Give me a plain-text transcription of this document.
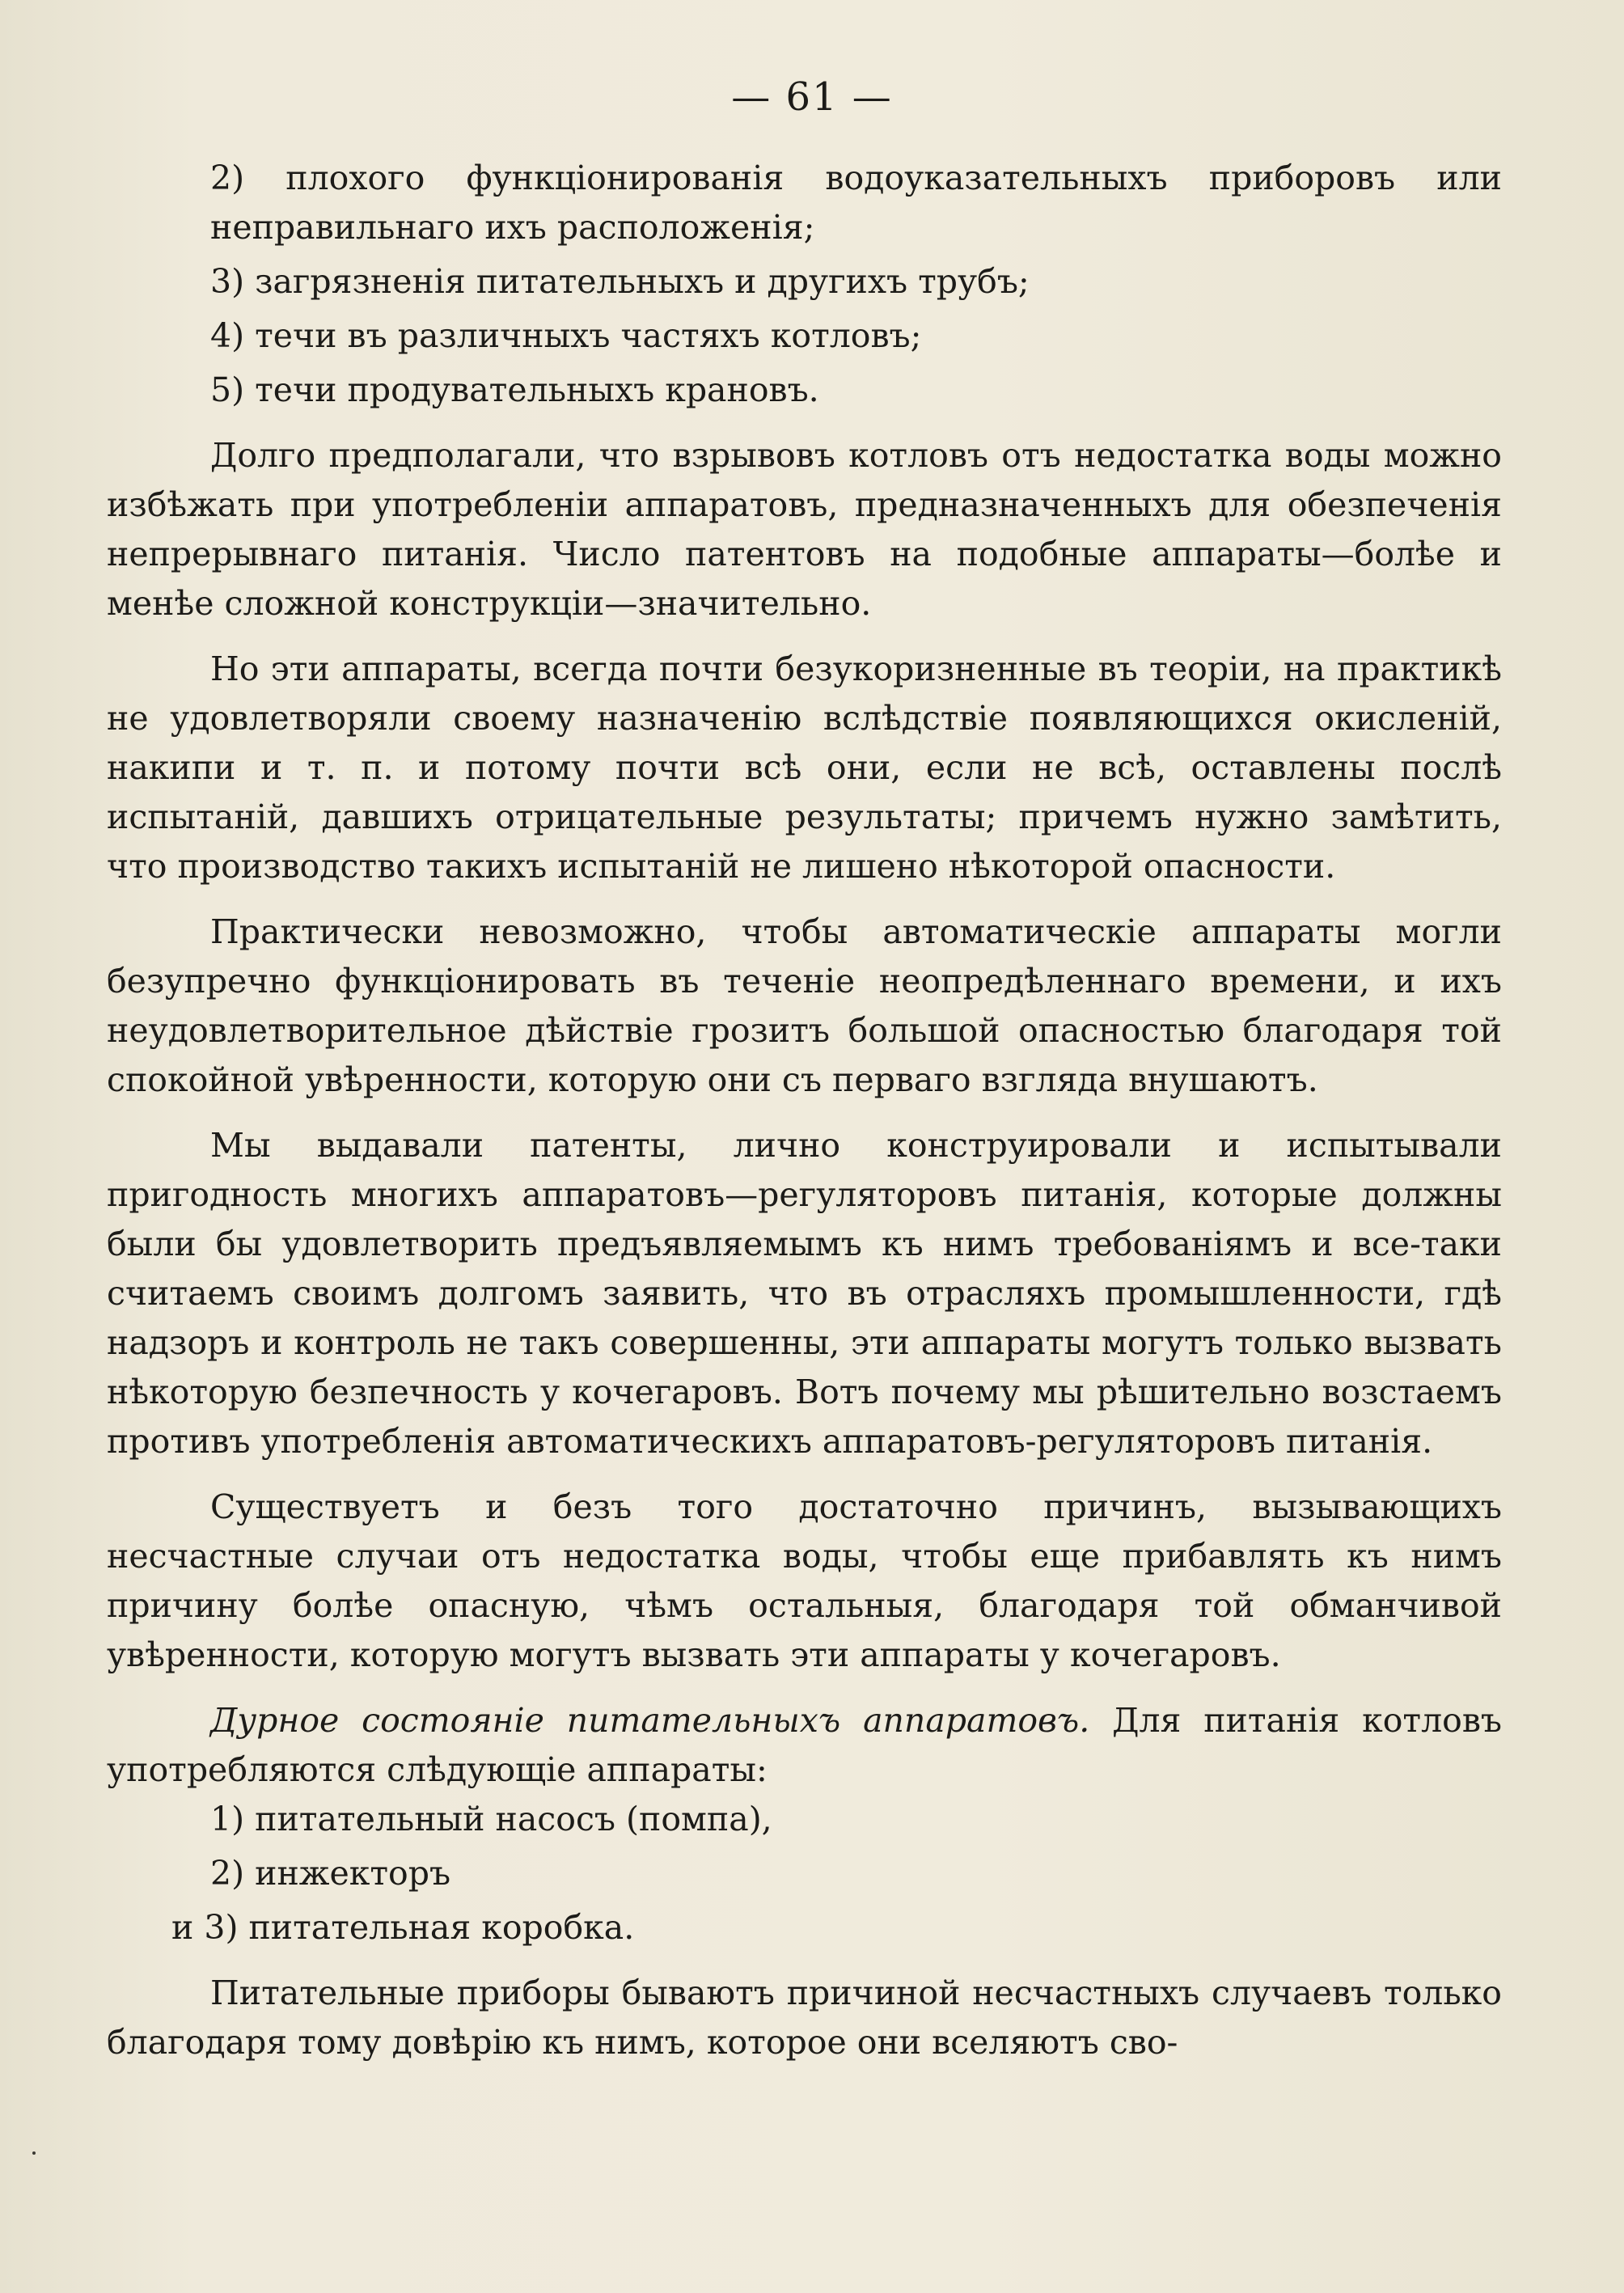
— 61 —

2) плохого функціонированія водоуказательныхъ приборовъ или неправильнаго ихъ расположенія;

3) загрязненія питательныхъ и другихъ трубъ;

4) течи въ различныхъ частяхъ котловъ;

5) течи продувательныхъ крановъ.

Долго предполагали, что взрывовъ котловъ отъ недостатка воды можно избѣжать при употребленіи аппаратовъ, предназначенныхъ для обезпеченія непрерывнаго питанія. Число патентовъ на подобные аппараты—болѣе и менѣе сложной конструкціи—значительно.

Но эти аппараты, всегда почти безукоризненные въ теоріи, на практикѣ не удовлетворяли своему назначенію вслѣдствіе появляющихся окисленій, накипи и т. п. и потому почти всѣ они, если не всѣ, оставлены послѣ испытаній, давшихъ отрицательные результаты; причемъ нужно замѣтить, что производство такихъ испытаній не лишено нѣкоторой опасности.

Практически невозможно, чтобы автоматическіе аппараты могли безупречно функціонировать въ теченіе неопредѣленнаго времени, и ихъ неудовлетворительное дѣйствіе грозитъ большой опасностью благодаря той спокойной увѣренности, которую они съ перваго взгляда внушаютъ.

Мы выдавали патенты, лично конструировали и испытывали пригодность многихъ аппаратовъ—регуляторовъ питанія, которые должны были бы удовлетворить предъявляемымъ къ нимъ требованіямъ и все-таки считаемъ своимъ долгомъ заявить, что въ отрасляхъ промышленности, гдѣ надзоръ и контроль не такъ совершенны, эти аппараты могутъ только вызвать нѣкоторую безпечность у кочегаровъ. Вотъ почему мы рѣшительно возстаемъ противъ употребленія автоматическихъ аппаратовъ-регуляторовъ питанія.

Существуетъ и безъ того достаточно причинъ, вызывающихъ несчастные случаи отъ недостатка воды, чтобы еще прибавлять къ нимъ причину болѣе опасную, чѣмъ остальныя, благодаря той обманчивой увѣренности, которую могутъ вызвать эти аппараты у кочегаровъ.

Дурное состояніе питательныхъ аппаратовъ. Для питанія котловъ употребляются слѣдующіе аппараты:

1) питательный насосъ (помпа),

2) инжекторъ

и 3) питательная коробка.

Питательные приборы бываютъ причиной несчастныхъ случаевъ только благодаря тому довѣрію къ нимъ, которое они вселяютъ сво-
